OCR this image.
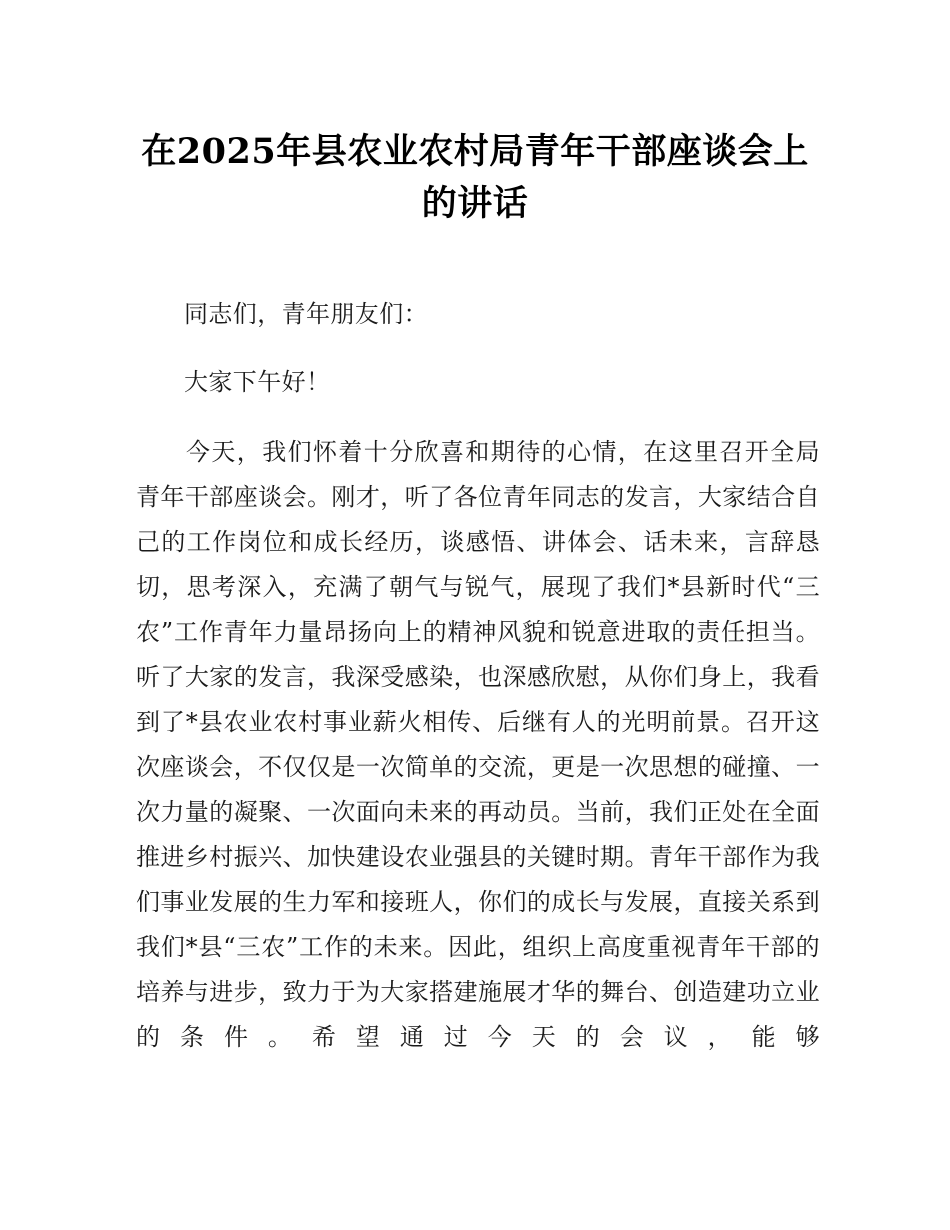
在2025年县农业农村局青年干部座谈会上的讲话

同志们，青年朋友们：

大家下午好！

今天，我们怀着十分欣喜和期待的心情，在这里召开全局青年干部座谈会。刚才，听了各位青年同志的发言，大家结合自己的工作岗位和成长经历，谈感悟、讲体会、话未来，言辞恳切，思考深入，充满了朝气与锐气，展现了我们*县新时代“三农”工作青年力量昂扬向上的精神风貌和锐意进取的责任担当。听了大家的发言，我深受感染，也深感欣慰，从你们身上，我看到了*县农业农村事业薪火相传、后继有人的光明前景。召开这次座谈会，不仅仅是一次简单的交流，更是一次思想的碰撞、一次力量的凝聚、一次面向未来的再动员。当前，我们正处在全面推进乡村振兴、加快建设农业强县的关键时期。青年干部作为我们事业发展的生力军和接班人，你们的成长与发展，直接关系到我们*县“三农”工作的未来。因此，组织上高度重视青年干部的培养与进步，致力于为大家搭建施展才华的舞台、创造建功立业的条件。希望通过今天的会议，能够
